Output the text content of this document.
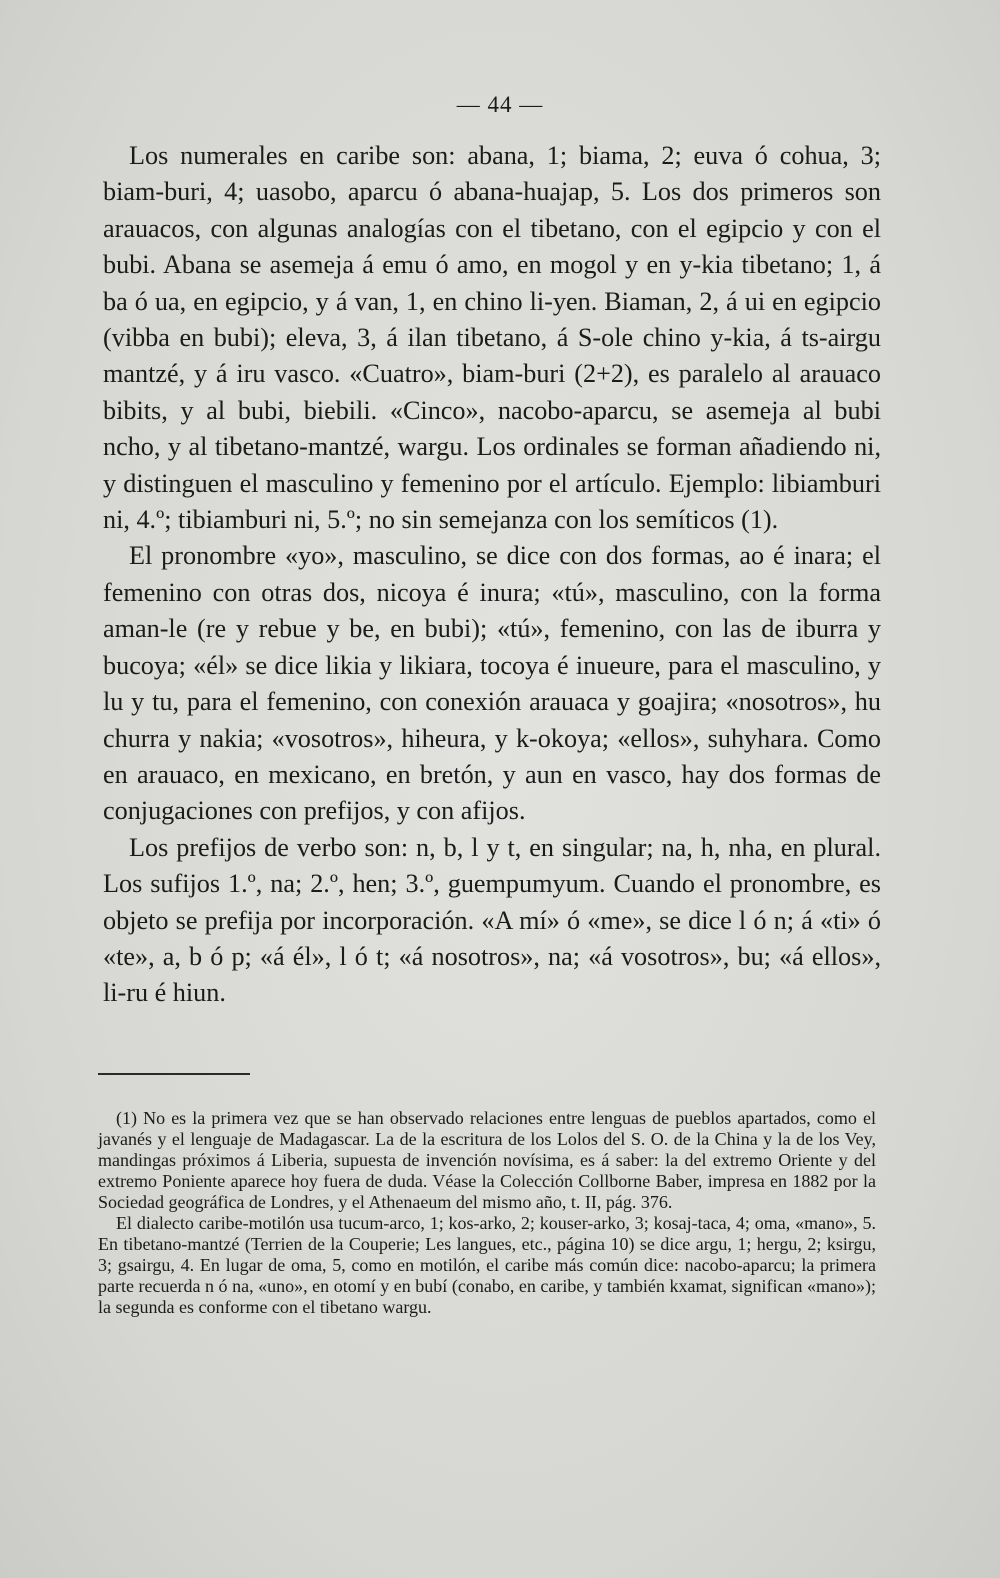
— 44 —

Los numerales en caribe son: abana, 1; biama, 2; euva ó cohua, 3; biam-buri, 4; uasobo, aparcu ó abana-huajap, 5. Los dos primeros son arauacos, con algunas analogías con el tibetano, con el egipcio y con el bubi. Abana se asemeja á emu ó amo, en mogol y en y-kia tibetano; 1, á ba ó ua, en egipcio, y á van, 1, en chino li-yen. Biaman, 2, á ui en egipcio (vibba en bubi); eleva, 3, á ilan tibetano, á S-ole chino y-kia, á ts-airgu mantzé, y á iru vasco. «Cuatro», biam-buri (2+2), es paralelo al arauaco bibits, y al bubi, biebili. «Cinco», nacobo-aparcu, se asemeja al bubi ncho, y al tibetano-mantzé, wargu. Los ordinales se forman añadiendo ni, y distinguen el masculino y femenino por el artículo. Ejemplo: libiamburi ni, 4.º; tibiamburi ni, 5.º; no sin semejanza con los semíticos (1).

El pronombre «yo», masculino, se dice con dos formas, ao é inara; el femenino con otras dos, nicoya é inura; «tú», masculino, con la forma aman-le (re y rebue y be, en bubi); «tú», femenino, con las de iburra y bucoya; «él» se dice likia y likiara, tocoya é inueure, para el masculino, y lu y tu, para el femenino, con conexión arauaca y goajira; «nosotros», hu churra y nakia; «vosotros», hiheura, y k-okoya; «ellos», suhyhara. Como en arauaco, en mexicano, en bretón, y aun en vasco, hay dos formas de conjugaciones con prefijos, y con afijos.

Los prefijos de verbo son: n, b, l y t, en singular; na, h, nha, en plural. Los sufijos 1.º, na; 2.º, hen; 3.º, guempumyum. Cuando el pronombre, es objeto se prefija por incorporación. «A mí» ó «me», se dice l ó n; á «ti» ó «te», a, b ó p; «á él», l ó t; «á nosotros», na; «á vosotros», bu; «á ellos», li-ru é hiun.

(1) No es la primera vez que se han observado relaciones entre lenguas de pueblos apartados, como el javanés y el lenguaje de Madagascar. La de la escritura de los Lolos del S. O. de la China y la de los Vey, mandingas próximos á Liberia, supuesta de invención novísima, es á saber: la del extremo Oriente y del extremo Poniente aparece hoy fuera de duda. Véase la Colección Collborne Baber, impresa en 1882 por la Sociedad geográfica de Londres, y el Athenaeum del mismo año, t. II, pág. 376.

El dialecto caribe-motilón usa tucum-arco, 1; kos-arko, 2; kouser-arko, 3; kosaj-taca, 4; oma, «mano», 5. En tibetano-mantzé (Terrien de la Couperie; Les langues, etc., página 10) se dice argu, 1; hergu, 2; ksirgu, 3; gsairgu, 4. En lugar de oma, 5, como en motilón, el caribe más común dice: nacobo-aparcu; la primera parte recuerda n ó na, «uno», en otomí y en bubí (conabo, en caribe, y también kxamat, significan «mano»); la segunda es conforme con el tibetano wargu.
